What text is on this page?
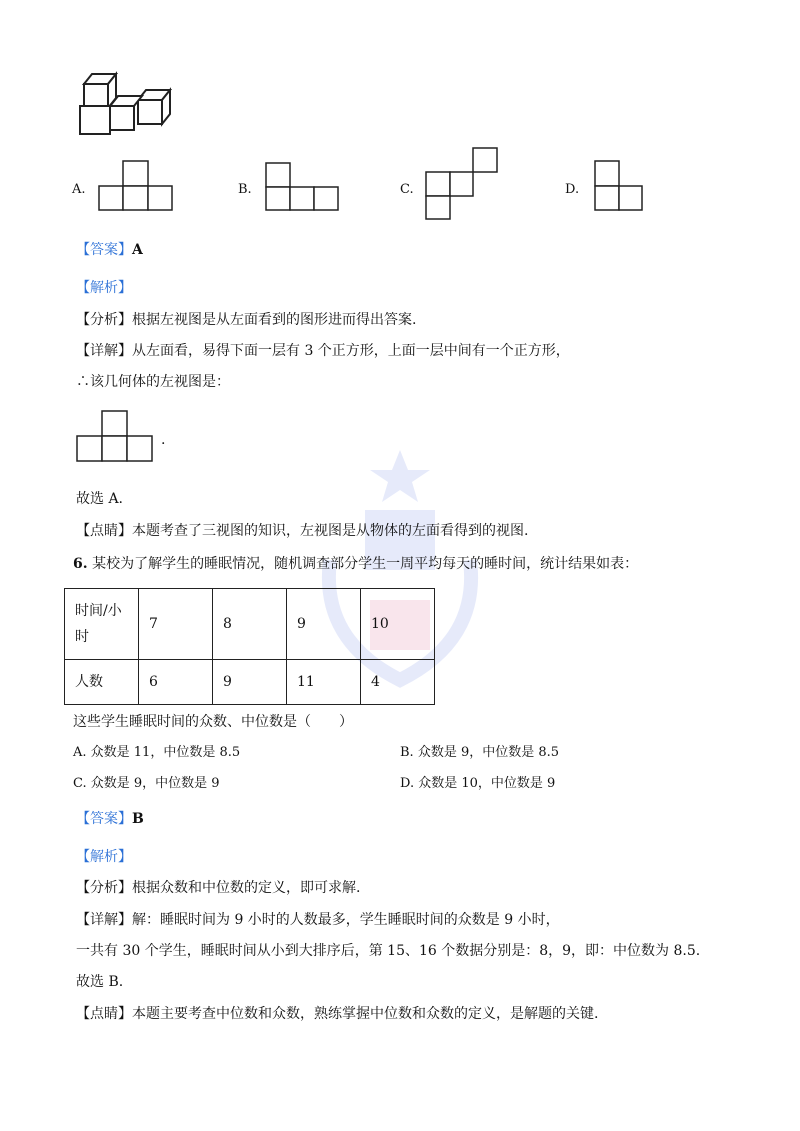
A.	B.	C.	D.
【答案】A
【解析】
【分析】根据左视图是从左面看到的图形进而得出答案.
【详解】从左面看，易得下面一层有 3 个正方形，上面一层中间有一个正方形，
∴该几何体的左视图是：
.
故选 A.
【点睛】本题考查了三视图的知识，左视图是从物体的左面看得到的视图.
6. 某校为了解学生的睡眠情况，随机调查部分学生一周平均每天的睡时间，统计结果如表：
时间/小
时	7	8	9	10
人数	6	9	11	4
这些学生睡眠时间的众数、中位数是（　　）
A. 众数是 11，中位数是 8.5	B. 众数是 9，中位数是 8.5
C. 众数是 9，中位数是 9	D. 众数是 10，中位数是 9
【答案】B
【解析】
【分析】根据众数和中位数的定义，即可求解.
【详解】解：睡眠时间为 9 小时的人数最多，学生睡眠时间的众数是 9 小时，
一共有 30 个学生，睡眠时间从小到大排序后，第 15、16 个数据分别是：8，9，即：中位数为 8.5.
故选 B.
【点睛】本题主要考查中位数和众数，熟练掌握中位数和众数的定义，是解题的关键.
